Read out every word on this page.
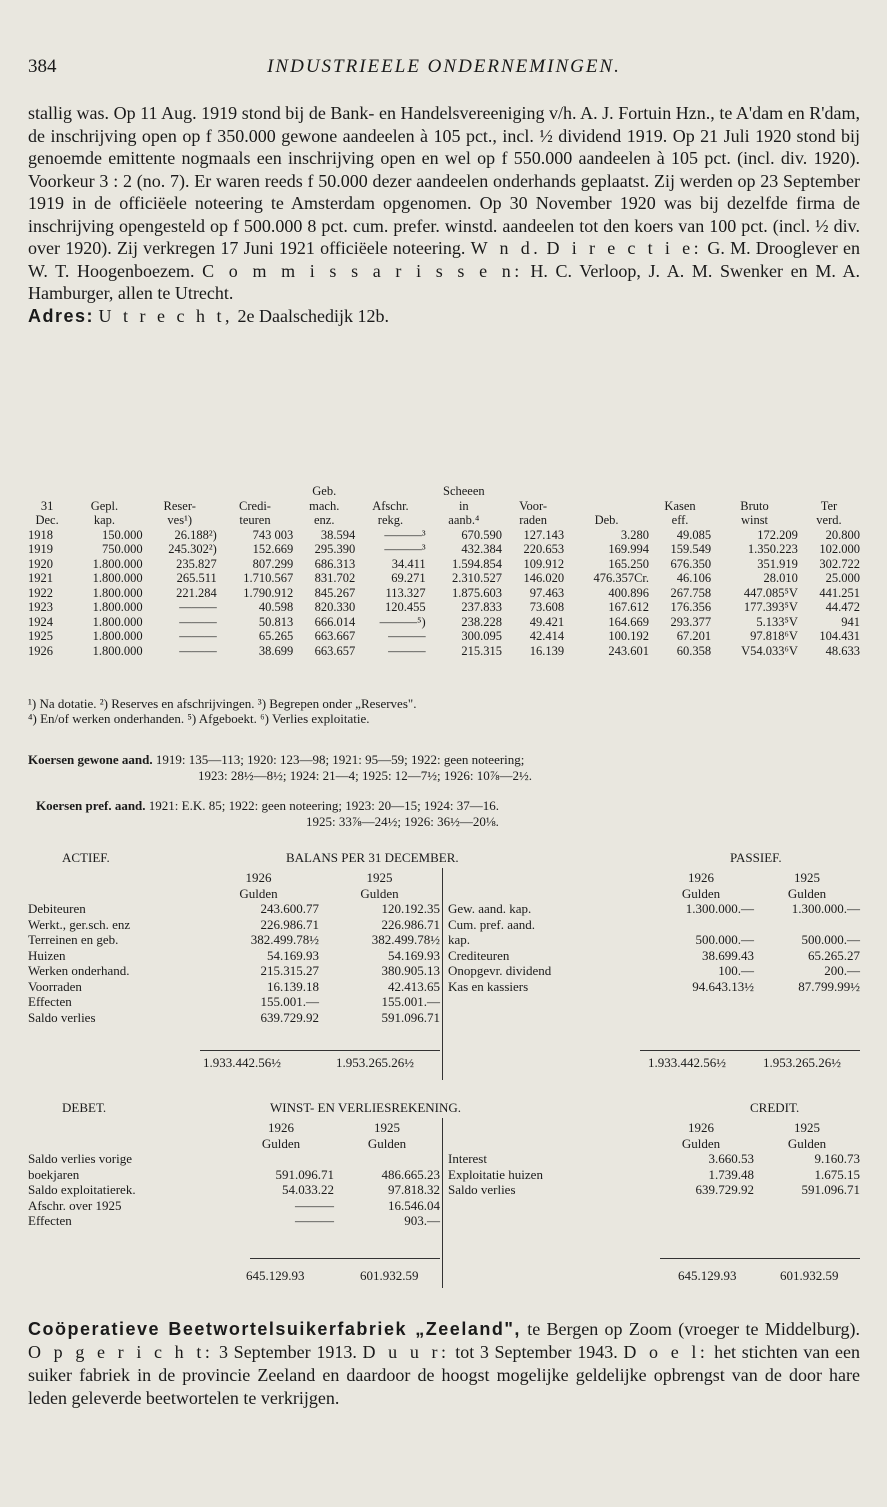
384	INDUSTRIEELE ONDERNEMINGEN.

stallig was. Op 11 Aug. 1919 stond bij de Bank- en Handelsvereeniging v/h. A. J. Fortuin Hzn., te A'dam en R'dam, de inschrijving open op f 350.000 gewone aandeelen à 105 pct., incl. ½ dividend 1919. Op 21 Juli 1920 stond bij genoemde emittente nogmaals een inschrijving open en wel op f 550.000 aandeelen à 105 pct. (incl. div. 1920). Voorkeur 3 : 2 (no. 7). Er waren reeds f 50.000 dezer aandeelen onderhands geplaatst. Zij werden op 23 September 1919 in de officiëele noteering te Amsterdam opgenomen. Op 30 November 1920 was bij dezelfde firma de inschrijving opengesteld op f 500.000 8 pct. cum. prefer. winstd. aandeelen tot den koers van 100 pct. (incl. ½ div. over 1920). Zij verkregen 17 Juni 1921 officiëele noteering. W n d. D i r e c t i e: G. M. Drooglever en W. T. Hoogenboezem. C o m m i s s a r i s s e n: H. C. Verloop, J. A. M. Swenker en M. A. Hamburger, allen te Utrecht.

Adres: U t r e c h t, 2e Daalschedijk 12b.

				Geb.		Scheeen					
31	Gepl.	Reser-	Credi-	mach.	Afschr.	in	Voor-		Kasen	Bruto	Ter
Dec.	kap.	ves¹)	teuren	enz.	rekg.	aanb.⁴	raden	Deb.	eff.	winst	verd.
1918	150.000	26.188²)	743 003	38.594	———³	670.590	127.143	3.280	49.085	172.209	20.800
1919	750.000	245.302²)	152.669	295.390	———³	432.384	220.653	169.994	159.549	1.350.223	102.000
1920	1.800.000	235.827	807.299	686.313	34.411	1.594.854	109.912	165.250	676.350	351.919	302.722
1921	1.800.000	265.511	1.710.567	831.702	69.271	2.310.527	146.020	476.357Cr.	46.106	28.010	25.000
1922	1.800.000	221.284	1.790.912	845.267	113.327	1.875.603	97.463	400.896	267.758	447.085⁵V	441.251
1923	1.800.000	———	40.598	820.330	120.455	237.833	73.608	167.612	176.356	177.393⁵V	44.472
1924	1.800.000	———	50.813	666.014	———⁵)	238.228	49.421	164.669	293.377	5.133⁵V	941
1925	1.800.000	———	65.265	663.667	———	300.095	42.414	100.192	67.201	97.818⁶V	104.431
1926	1.800.000	———	38.699	663.657	———	215.315	16.139	243.601	60.358	V54.033⁶V	48.633
¹) Na dotatie. ²) Reserves en afschrijvingen. ³) Begrepen onder „Reserves".
⁴) En/of werken onderhanden. ⁵) Afgeboekt. ⁶) Verlies exploitatie.
Koersen gewone aand. 1919: 135—113; 1920: 123—98; 1921: 95—59; 1922: geen noteering;
1923: 28½—8½; 1924: 21—4; 1925: 12—7½; 1926: 10⅞—2½.
Koersen pref. aand. 1921: E.K. 85; 1922: geen noteering; 1923: 20—15; 1924: 37—16.
1925: 33⅞—24½; 1926: 36½—20⅛.
ACTIEF.	BALANS PER 31 DECEMBER.	PASSIEF.
	1926	1925
	Gulden	Gulden
Debiteuren	243.600.77	120.192.35
Werkt., ger.sch. enz	226.986.71	226.986.71
Terreinen en geb.	382.499.78½	382.499.78½
Huizen	54.169.93	54.169.93
Werken onderhand.	215.315.27	380.905.13
Voorraden	16.139.18	42.413.65
Effecten	155.001.—	155.001.—
Saldo verlies	639.729.92	591.096.71
	1926	1925
	Gulden	Gulden
Gew. aand. kap.	1.300.000.—	1.300.000.—
Cum. pref. aand.		
kap.	500.000.—	500.000.—
Crediteuren	38.699.43	65.265.27
Onopgevr. dividend	100.—	200.—
Kas en kassiers	94.643.13½	87.799.99½
1.933.442.56½	1.953.265.26½	1.933.442.56½	1.953.265.26½
DEBET.	WINST- EN VERLIESREKENING.	CREDIT.
	1926	1925
	Gulden	Gulden
Saldo verlies vorige		
boekjaren	591.096.71	486.665.23
Saldo exploitatierek.	54.033.22	97.818.32
Afschr. over 1925	———	16.546.04
Effecten	———	903.—
	1926	1925
	Gulden	Gulden
Interest	3.660.53	9.160.73
Exploitatie huizen	1.739.48	1.675.15
Saldo verlies	639.729.92	591.096.71
645.129.93	601.932.59	645.129.93	601.932.59

Coöperatieve Beetwortelsuikerfabriek „Zeeland", te Bergen op Zoom (vroeger te Middelburg). O p g e r i c h t: 3 September 1913. D u u r: tot 3 September 1943. D o e l: het stichten van een suiker fabriek in de provincie Zeeland en daardoor de hoogst mogelijke geldelijke opbrengst van de door hare leden geleverde beetwortelen te verkrijgen.
